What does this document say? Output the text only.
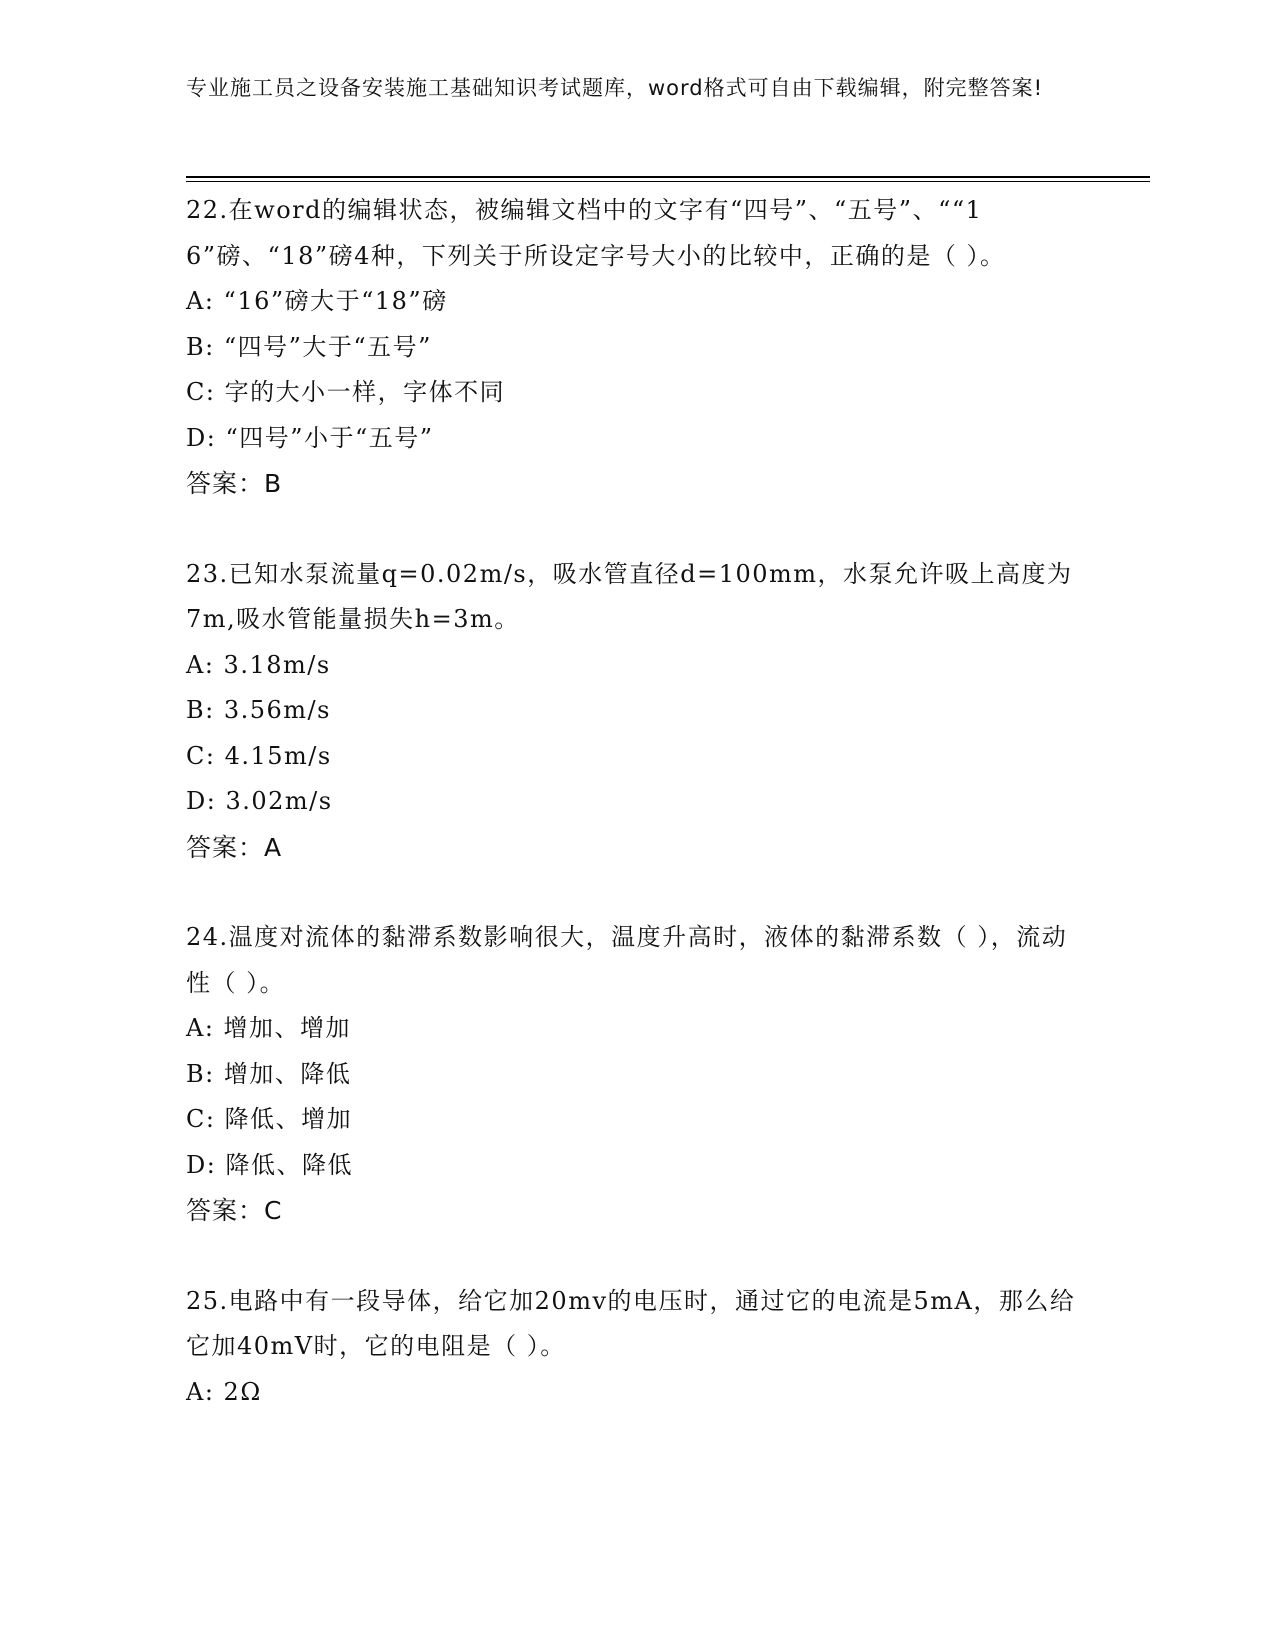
专业施工员之设备安装施工基础知识考试题库，word格式可自由下载编辑，附完整答案!
22.在word的编辑状态，被编辑文档中的文字有“四号”、“五号”、““16”磅、“18”磅4种，下列关于所设定字号大小的比较中，正确的是（ ）。
A: “16”磅大于“18”磅
B: “四号”大于“五号”
C: 字的大小一样，字体不同
D: “四号”小于“五号”
答案：B
23.已知水泵流量q=0.02m/s，吸水管直径d=100mm，水泵允许吸上高度为7m,吸水管能量损失h=3m。
A: 3.18m/s
B: 3.56m/s
C: 4.15m/s
D: 3.02m/s
答案：A
24.温度对流体的黏滞系数影响很大，温度升高时，液体的黏滞系数（ ），流动性（ ）。
A: 增加、增加
B: 增加、降低
C: 降低、增加
D: 降低、降低
答案：C
25.电路中有一段导体，给它加20mv的电压时，通过它的电流是5mA，那么给它加40mV时，它的电阻是（ ）。
A: 2Ω
